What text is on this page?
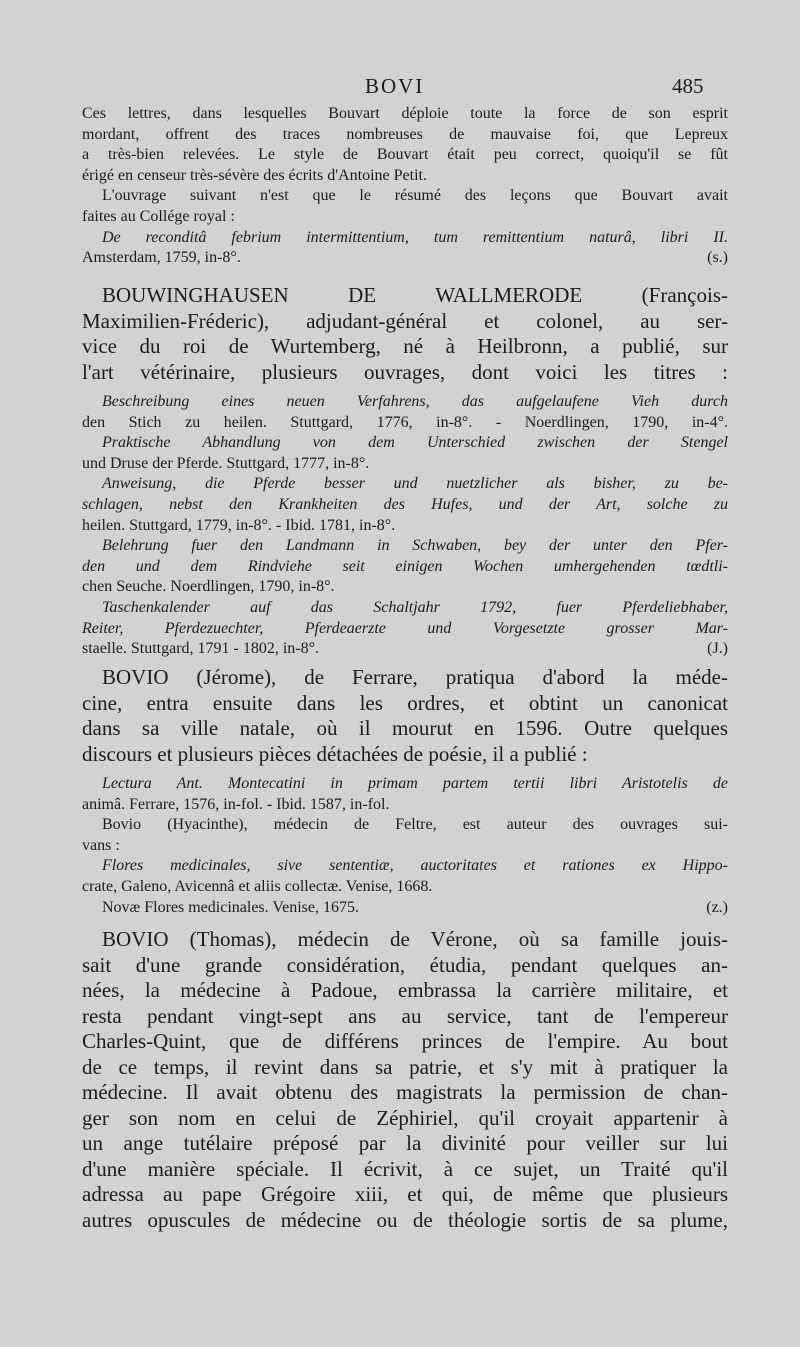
BOVI	485
Ces lettres, dans lesquelles Bouvart déploie toute la force de son esprit
mordant, offrent des traces nombreuses de mauvaise foi, que Lepreux
a très-bien relevées. Le style de Bouvart était peu correct, quoiqu'il se fût
érigé en censeur très-sévère des écrits d'Antoine Petit.
L'ouvrage suivant n'est que le résumé des leçons que Bouvart avait
faites au Collége royal :
De reconditâ febrium intermittentium, tum remittentium naturâ, libri II.
Amsterdam, 1759, in-8°.	(s.)
BOUWINGHAUSEN DE WALLMERODE (François-
Maximilien-Fréderic), adjudant-général et colonel, au ser-
vice du roi de Wurtemberg, né à Heilbronn, a publié, sur
l'art vétérinaire, plusieurs ouvrages, dont voici les titres :
Beschreibung eines neuen Verfahrens, das aufgelaufene Vieh durch
den Stich zu heilen. Stuttgard, 1776, in-8°. - Noerdlingen, 1790, in-4°.
Praktische Abhandlung von dem Unterschied zwischen der Stengel
und Druse der Pferde. Stuttgard, 1777, in-8°.
Anweisung, die Pferde besser und nuetzlicher als bisher, zu be-
schlagen, nebst den Krankheiten des Hufes, und der Art, solche zu
heilen. Stuttgard, 1779, in-8°. - Ibid. 1781, in-8°.
Belehrung fuer den Landmann in Schwaben, bey der unter den Pfer-
den und dem Rindviehe seit einigen Wochen umhergehenden tœdtli-
chen Seuche. Noerdlingen, 1790, in-8°.
Taschenkalender auf das Schaltjahr 1792, fuer Pferdeliebhaber,
Reiter, Pferdezuechter, Pferdeaerzte und Vorgesetzte grosser Mar-
staelle. Stuttgard, 1791 - 1802, in-8°.	(J.)
BOVIO (Jérome), de Ferrare, pratiqua d'abord la méde-
cine, entra ensuite dans les ordres, et obtint un canonicat
dans sa ville natale, où il mourut en 1596. Outre quelques
discours et plusieurs pièces détachées de poésie, il a publié :
Lectura Ant. Montecatini in primam partem tertii libri Aristotelis de
animâ. Ferrare, 1576, in-fol. - Ibid. 1587, in-fol.
Bovio (Hyacinthe), médecin de Feltre, est auteur des ouvrages sui-
vans :
Flores medicinales, sive sententiæ, auctoritates et rationes ex Hippo-
crate, Galeno, Avicennâ et aliis collectæ. Venise, 1668.
Novæ Flores medicinales. Venise, 1675.	(z.)
BOVIO (Thomas), médecin de Vérone, où sa famille jouis-
sait d'une grande considération, étudia, pendant quelques an-
nées, la médecine à Padoue, embrassa la carrière militaire, et
resta pendant vingt-sept ans au service, tant de l'empereur
Charles-Quint, que de différens princes de l'empire. Au bout
de ce temps, il revint dans sa patrie, et s'y mit à pratiquer la
médecine. Il avait obtenu des magistrats la permission de chan-
ger son nom en celui de Zéphiriel, qu'il croyait appartenir à
un ange tutélaire préposé par la divinité pour veiller sur lui
d'une manière spéciale. Il écrivit, à ce sujet, un Traité qu'il
adressa au pape Grégoire xiii, et qui, de même que plusieurs
autres opuscules de médecine ou de théologie sortis de sa plume,
